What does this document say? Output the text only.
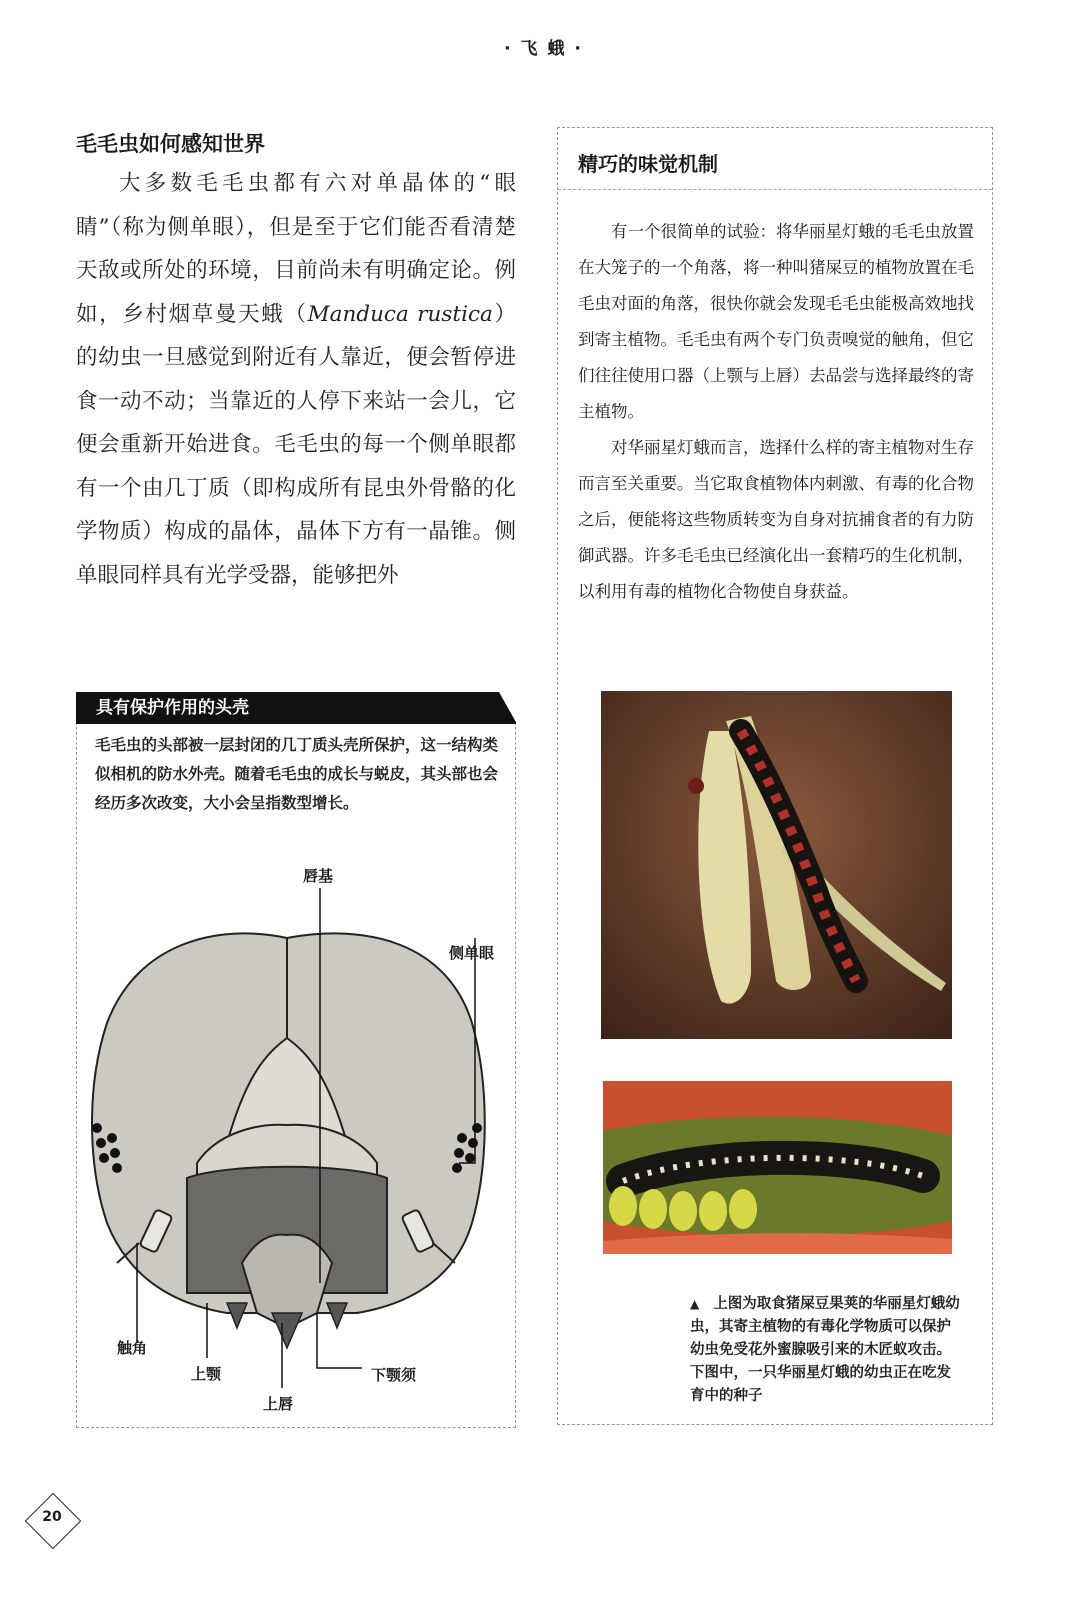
· 飞 蛾 ·
毛毛虫如何感知世界

大多数毛毛虫都有六对单晶体的“眼睛”（称为侧单眼），但是至于它们能否看清楚天敌或所处的环境，目前尚未有明确定论。例如，乡村烟草曼天蛾（Manduca rustica）的幼虫一旦感觉到附近有人靠近，便会暂停进食一动不动；当靠近的人停下来站一会儿，它便会重新开始进食。毛毛虫的每一个侧单眼都有一个由几丁质（即构成所有昆虫外骨骼的化学物质）构成的晶体，晶体下方有一晶锥。侧单眼同样具有光学受器，能够把外

精巧的味觉机制

有一个很简单的试验：将华丽星灯蛾的毛毛虫放置在大笼子的一个角落，将一种叫猪屎豆的植物放置在毛毛虫对面的角落，很快你就会发现毛毛虫能极高效地找到寄主植物。毛毛虫有两个专门负责嗅觉的触角，但它们往往使用口器（上颚与上唇）去品尝与选择最终的寄主植物。

对华丽星灯蛾而言，选择什么样的寄主植物对生存而言至关重要。当它取食植物体内刺激、有毒的化合物之后，便能将这些物质转变为自身对抗捕食者的有力防御武器。许多毛毛虫已经演化出一套精巧的生化机制，以利用有毒的植物化合物使自身获益。

▲ 上图为取食猪屎豆果荚的华丽星灯蛾幼虫，其寄主植物的有毒化学物质可以保护幼虫免受花外蜜腺吸引来的木匠蚁攻击。下图中，一只华丽星灯蛾的幼虫正在吃发育中的种子
具有保护作用的头壳
毛毛虫的头部被一层封闭的几丁质头壳所保护，这一结构类似相机的防水外壳。随着毛毛虫的成长与蜕皮，其头部也会经历多次改变，大小会呈指数型增长。
唇基
侧单眼
触角
上颚
上唇
下颚须
20
